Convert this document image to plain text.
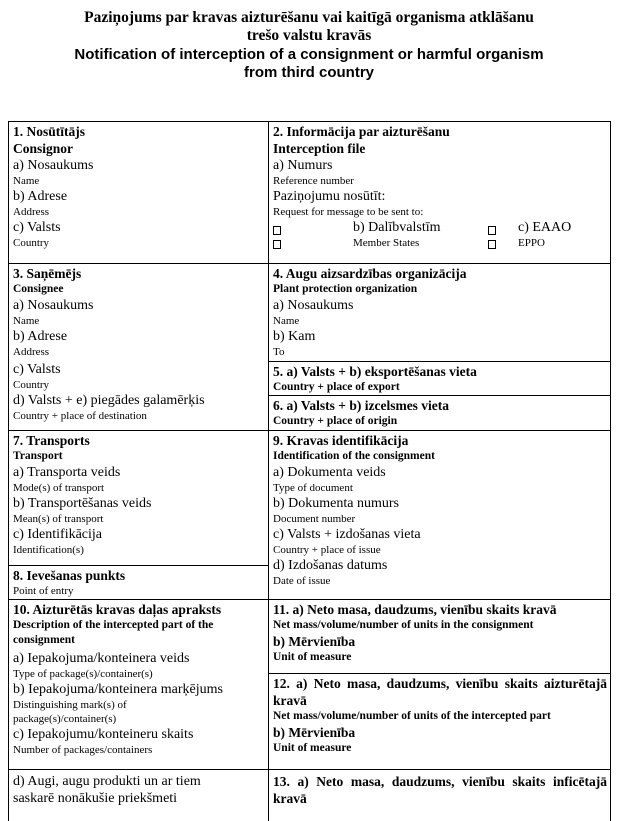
Paziņojums par kravas aizturēšanu vai kaitīgā organisma atklāšanu
trešo valstu kravās
Notification of interception of a consignment or harmful organism
from third country
1. Nosūtītājs
Consignor
a) Nosaukums
Name
b) Adrese
Address
c) Valsts
Country
2. Informācija par aizturēšanu
Interception file
a) Numurs
Reference number
Paziņojumu nosūtīt:
Request for message to be sent to:
b) Dalībvalstīm	c) EAAO
Member States	EPPO
3. Saņēmējs
Consignee
a) Nosaukums
Name
b) Adrese
Address
c) Valsts
Country
d) Valsts + e) piegādes galamērķis
Country + place of destination
4. Augu aizsardzības organizācija
Plant protection organization
a) Nosaukums
Name
b) Kam
To
5. a) Valsts + b) eksportēšanas vieta
Country + place of export
6. a) Valsts + b) izcelsmes vieta
Country + place of origin
7. Transports
Transport
a) Transporta veids
Mode(s) of transport
b) Transportēšanas veids
Mean(s) of transport
c) Identifikācija
Identification(s)
8. Ievešanas punkts
Point of entry
9. Kravas identifikācija
Identification of the consignment
a) Dokumenta veids
Type of document
b) Dokumenta numurs
Document number
c) Valsts + izdošanas vieta
Country + place of issue
d) Izdošanas datums
Date of issue
10. Aizturētās kravas daļas apraksts
Description of the intercepted part of the consignment
a) Iepakojuma/konteinera veids
Type of package(s)/container(s)
b) Iepakojuma/konteinera marķējums
Distinguishing mark(s) of package(s)/container(s)
c) Iepakojumu/konteineru skaits
Number of packages/containers
d) Augi, augu produkti un ar tiem saskarē nonākušie priekšmeti
11. a) Neto masa, daudzums, vienību skaits kravā
Net mass/volume/number of units in the consignment
b) Mērvienība
Unit of measure
12. a) Neto masa, daudzums, vienību skaits aizturētajā kravā
Net mass/volume/number of units of the intercepted part
b) Mērvienība
Unit of measure
13. a) Neto masa, daudzums, vienību skaits inficētajā kravā
